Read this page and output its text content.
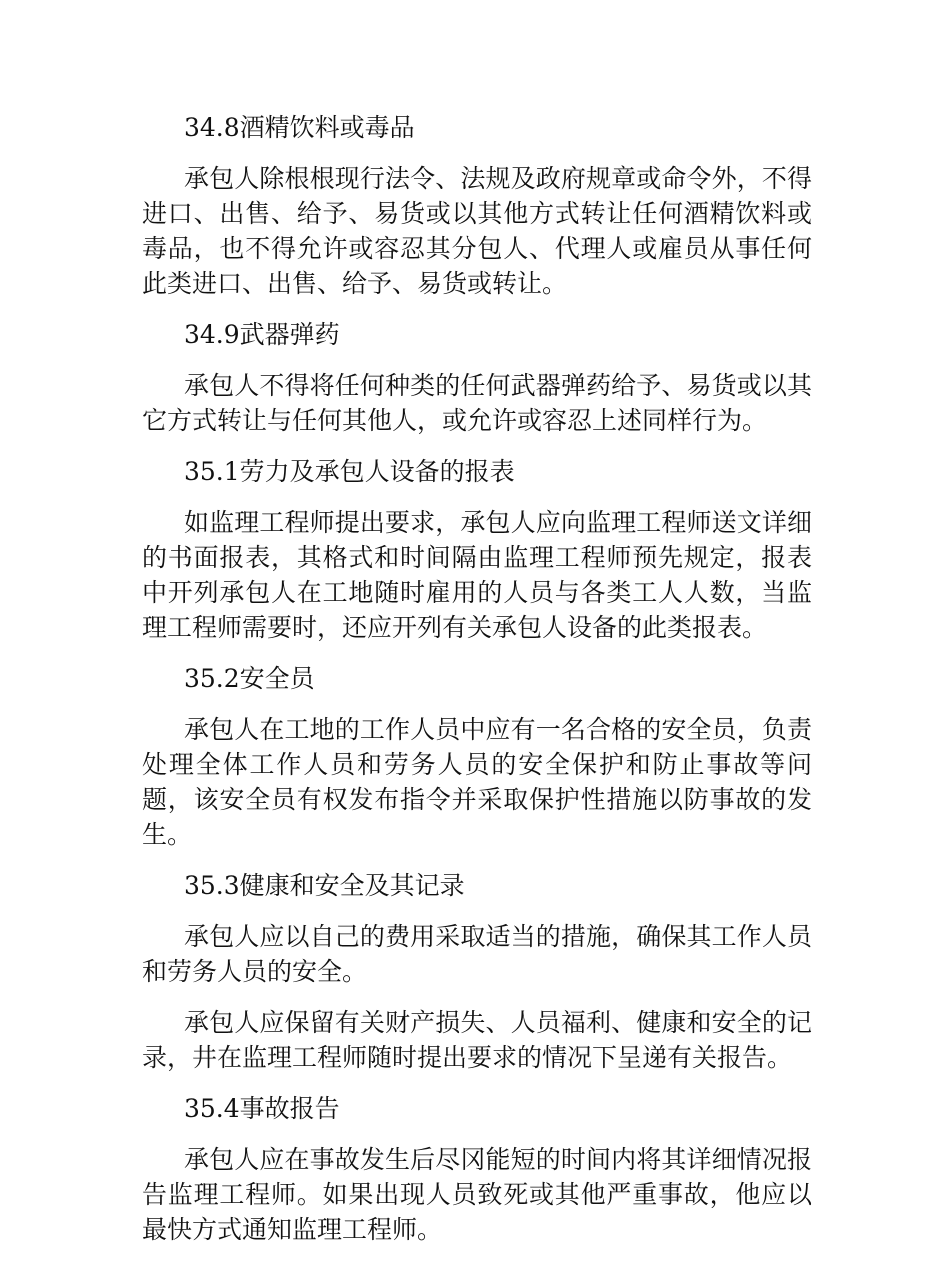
34.8酒精饮料或毒品

承包人除根根现行法令、法规及政府规章或命令外，不得进口、出售、给予、易货或以其他方式转让任何酒精饮料或毒品，也不得允许或容忍其分包人、代理人或雇员从事任何此类进口、出售、给予、易货或转让。

34.9武器弹药

承包人不得将任何种类的任何武器弹药给予、易货或以其它方式转让与任何其他人，或允许或容忍上述同样行为。

35.1劳力及承包人设备的报表

如监理工程师提出要求，承包人应向监理工程师送文详细的书面报表，其格式和时间隔由监理工程师预先规定，报表中开列承包人在工地随时雇用的人员与各类工人人数，当监理工程师需要时，还应开列有关承包人设备的此类报表。

35.2安全员

承包人在工地的工作人员中应有一名合格的安全员，负责处理全体工作人员和劳务人员的安全保护和防止事故等问题，该安全员有权发布指令并采取保护性措施以防事故的发生。

35.3健康和安全及其记录

承包人应以自己的费用采取适当的措施，确保其工作人员和劳务人员的安全。

承包人应保留有关财产损失、人员福利、健康和安全的记录，井在监理工程师随时提出要求的情况下呈递有关报告。

35.4事故报告

承包人应在事故发生后尽冈能短的时间内将其详细情况报告监理工程师。如果出现人员致死或其他严重事故，他应以最快方式通知监理工程师。
